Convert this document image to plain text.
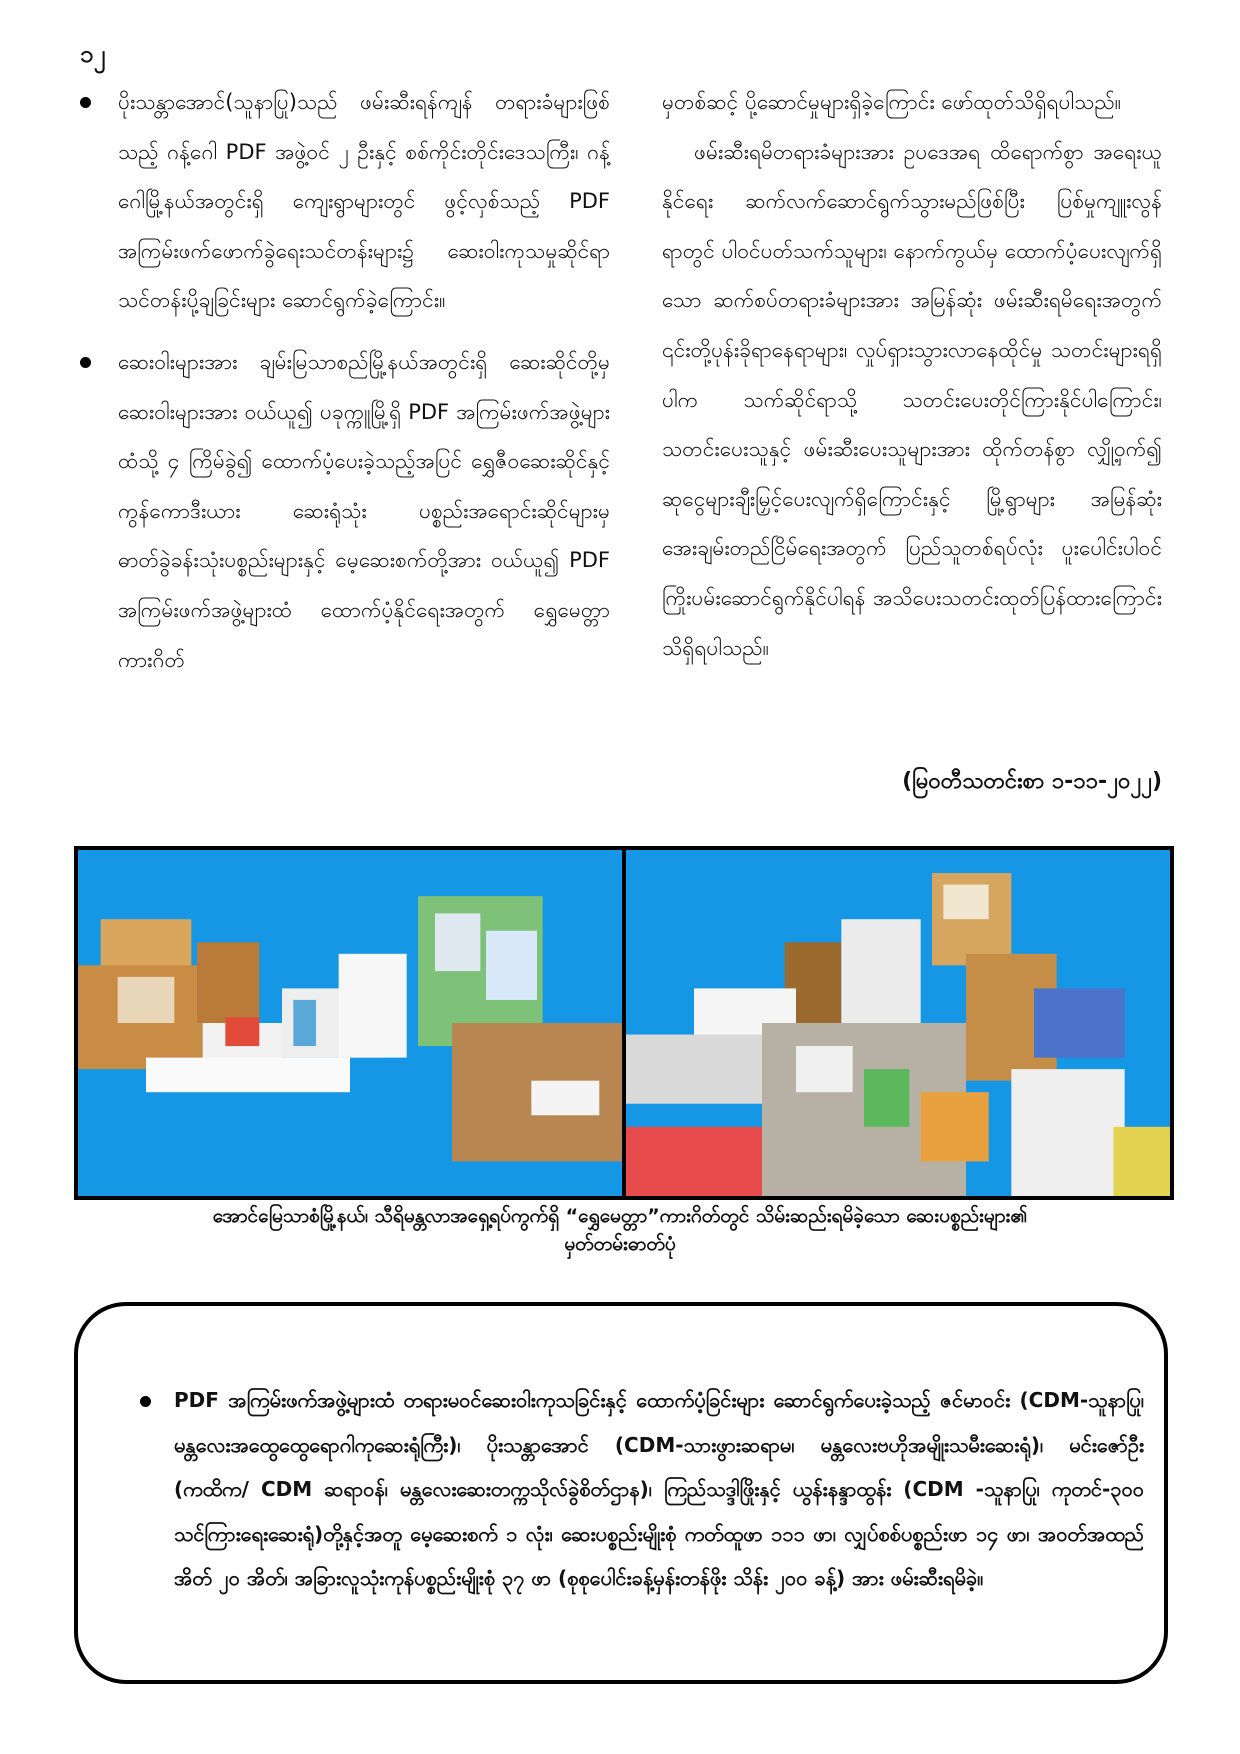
၁၂

ပိုးသန္တာအောင်(သူနာပြု)သည် ဖမ်းဆီးရန်ကျန် တရားခံများဖြစ်သည့် ဂန့်ဂေါ PDF အဖွဲ့ဝင် ၂ ဦးနှင့် စစ်ကိုင်းတိုင်းဒေသကြီး၊ ဂန့်ဂေါမြို့နယ်အတွင်းရှိ ကျေးရွာများတွင် ဖွင့်လှစ်သည့် PDF အကြမ်းဖက်ဖောက်ခွဲရေးသင်တန်းများ၌ ဆေးဝါးကုသမှုဆိုင်ရာ သင်တန်းပို့ချခြင်းများ ဆောင်ရွက်ခဲ့ကြောင်း။

ဆေးဝါးများအား ချမ်းမြသာစည်မြို့နယ်အတွင်းရှိ ဆေးဆိုင်တို့မှ ဆေးဝါးများအား ဝယ်ယူ၍ ပခုက္ကူမြို့ရှိ PDF အကြမ်းဖက်အဖွဲ့များထံသို့ ၄ ကြိမ်ခွဲ၍ ထောက်ပံ့ပေးခဲ့သည့်အပြင် ရွှေဇီဝဆေးဆိုင်နှင့် ကွန်ကောဒီးယား ဆေးရုံသုံး ပစ္စည်းအရောင်းဆိုင်များမှ ဓာတ်ခွဲခန်းသုံးပစ္စည်းများနှင့် မေ့ဆေးစက်တို့အား ဝယ်ယူ၍ PDF အကြမ်းဖက်အဖွဲ့များထံ ထောက်ပံ့နိုင်ရေးအတွက် ရွှေမေတ္တာကားဂိတ်

မှတစ်ဆင့် ပို့ဆောင်မှုများရှိခဲ့ကြောင်း ဖော်ထုတ်သိရှိရပါသည်။

ဖမ်းဆီးရမိတရားခံများအား ဥပဒေအရ ထိရောက်စွာ အရေးယူနိုင်ရေး ဆက်လက်ဆောင်ရွက်သွားမည်ဖြစ်ပြီး ပြစ်မှုကျူးလွန်ရာတွင် ပါဝင်ပတ်သက်သူများ၊ နောက်ကွယ်မှ ထောက်ပံ့ပေးလျက်ရှိသော ဆက်စပ်တရားခံများအား အမြန်ဆုံး ဖမ်းဆီးရမိရေးအတွက် ၎င်းတို့ပုန်းခိုရာနေရာများ၊ လှုပ်ရှားသွားလာနေထိုင်မှု သတင်းများရရှိပါက သက်ဆိုင်ရာသို့ သတင်းပေးတိုင်ကြားနိုင်ပါကြောင်း၊ သတင်းပေးသူနှင့် ဖမ်းဆီးပေးသူများအား ထိုက်တန်စွာ လျှို့ဝှက်၍ ဆုငွေများချီးမြှင့်ပေးလျက်ရှိကြောင်းနှင့် မြို့ရွာများ အမြန်ဆုံးအေးချမ်းတည်ငြိမ်ရေးအတွက် ပြည်သူတစ်ရပ်လုံး ပူးပေါင်းပါဝင်ကြိုးပမ်းဆောင်ရွက်နိုင်ပါရန် အသိပေးသတင်းထုတ်ပြန်ထားကြောင်း သိရှိရပါသည်။

(မြဝတီသတင်းစာ ၁-၁၁-၂၀၂၂)
အောင်မြေသာစံမြို့နယ်၊ သီရိမန္တလာအရှေ့ရပ်ကွက်ရှိ “ရွှေမေတ္တာ”ကားဂိတ်တွင် သိမ်းဆည်းရမိခဲ့သော ဆေးပစ္စည်းများ၏
မှတ်တမ်းဓာတ်ပုံ
PDF အကြမ်းဖက်အဖွဲ့များထံ တရားမဝင်ဆေးဝါးကုသခြင်းနှင့် ထောက်ပံ့ခြင်းများ ဆောင်ရွက်ပေးခဲ့သည့် ဇင်မာဝင်း (CDM-သူနာပြု၊ မန္တလေးအထွေထွေရောဂါကုဆေးရုံကြီး)၊ ပိုးသန္တာအောင် (CDM-သားဖွားဆရာမ၊ မန္တလေးဗဟိုအမျိုးသမီးဆေးရုံ)၊ မင်းဇော်ဦး (ကထိက/ CDM ဆရာဝန်၊ မန္တလေးဆေးတက္ကသိုလ်ခွဲစိတ်ဌာန)၊ ကြည်သဒ္ဒါဖြိုးနှင့် ယွန်းနန္ဒာထွန်း (CDM -သူနာပြု၊ ကုတင်-၃၀၀ သင်ကြားရေးဆေးရုံ)တို့နှင့်အတူ မေ့ဆေးစက် ၁ လုံး၊ ဆေးပစ္စည်းမျိုးစုံ ကတ်ထူဖာ ၁၁၁ ဖာ၊ လျှပ်စစ်ပစ္စည်းဖာ ၁၄ ဖာ၊ အဝတ်အထည်အိတ် ၂၀ အိတ်၊ အခြားလူသုံးကုန်ပစ္စည်းမျိုးစုံ ၃၇ ဖာ (စုစုပေါင်းခန့်မှန်းတန်ဖိုး သိန်း ၂၀၀ ခန့်) အား ဖမ်းဆီးရမိခဲ့။
